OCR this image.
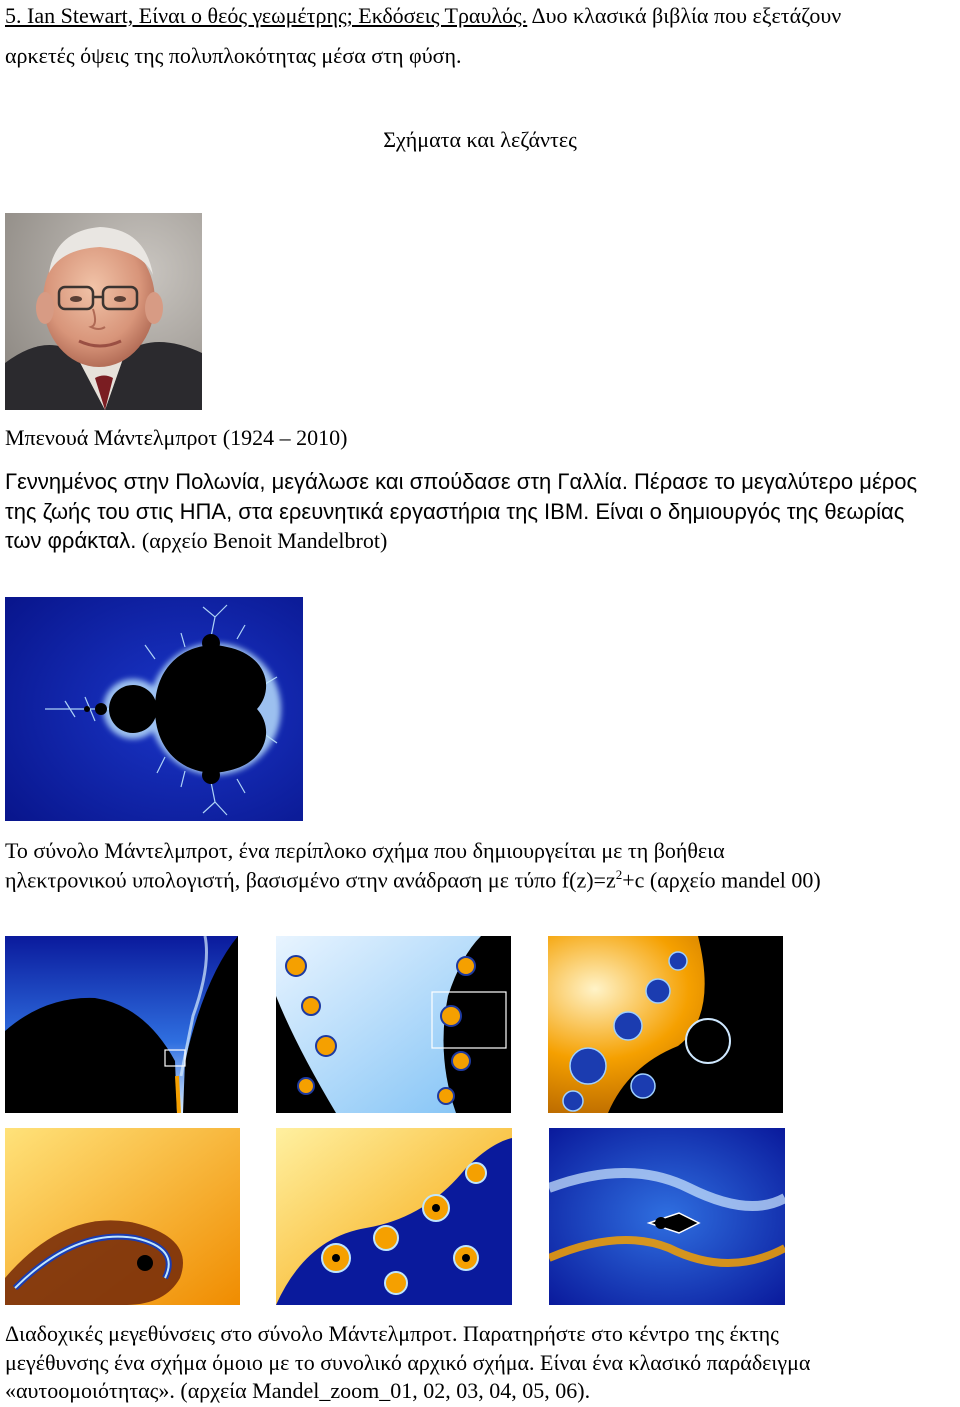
5. Ian Stewart, Είναι ο θεός γεωμέτρης; Εκδόσεις Τραυλός. Δυο κλασικά βιβλία που εξετάζουν
αρκετές όψεις της πολυπλοκότητας μέσα στη φύση.
Σχήματα και λεζάντες
Μπενουά Μάντελμπροτ (1924 – 2010)
Γεννημένος στην Πολωνία, μεγάλωσε και σπούδασε στη Γαλλία. Πέρασε το μεγαλύτερο μέρος
της ζωής του στις ΗΠΑ, στα ερευνητικά εργαστήρια της IBM. Είναι ο δημιουργός της θεωρίας
των φράκταλ. (αρχείο Benoit Mandelbrot)
Το σύνολο Μάντελμπροτ, ένα περίπλοκο σχήμα που δημιουργείται με τη βοήθεια
ηλεκτρονικού υπολογιστή, βασισμένο στην ανάδραση με τύπο $f(z)=z^2+c$ (αρχείο mandel 00)
Διαδοχικές μεγεθύνσεις στο σύνολο Μάντελμπροτ. Παρατηρήστε στο κέντρο της έκτης
μεγέθυνσης ένα σχήμα όμοιο με το συνολικό αρχικό σχήμα. Είναι ένα κλασικό παράδειγμα
«αυτοομοιότητας». (αρχεία Mandel_zoom_01, 02, 03, 04, 05, 06).
